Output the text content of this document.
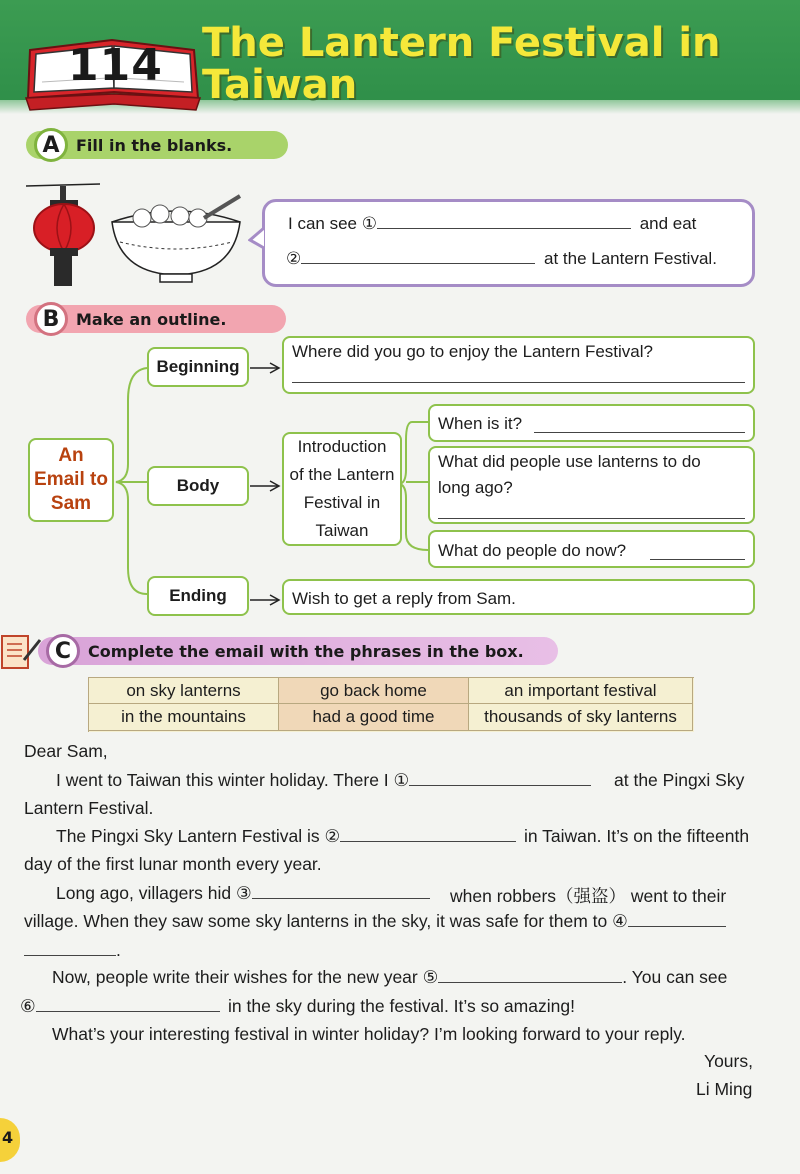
114 The Lantern Festival in
Taiwan
A	Fill in the blanks.
I can see ①	and eat
②	at the Lantern Festival.
B	Make an outline.
An
Email to
Sam
Beginning
Where did you go to enjoy the Lantern Festival?
Body
Introduction
of the Lantern
Festival in
Taiwan
When is it?
What did people use lanterns to do
long ago?
What do people do now?
Ending	Wish to get a reply from Sam.
C	Complete the email with the phrases in the box.
on sky lanterns	go back home	an important festival
in the mountains	had a good time	thousands of sky lanterns
Dear Sam,
I went to Taiwan this winter holiday. There I ①	at the Pingxi Sky
Lantern Festival.
The Pingxi Sky Lantern Festival is ②	in Taiwan. It’s on the fifteenth
day of the first lunar month every year.
Long ago, villagers hid ③	when robbers（强盗） went to their
village. When they saw some sky lanterns in the sky, it was safe for them to ④
.
Now, people write their wishes for the new year ⑤	. You can see
⑥	in the sky during the festival. It’s so amazing!
What’s your interesting festival in winter holiday? I’m looking forward to your reply.
Yours,
Li Ming
4
